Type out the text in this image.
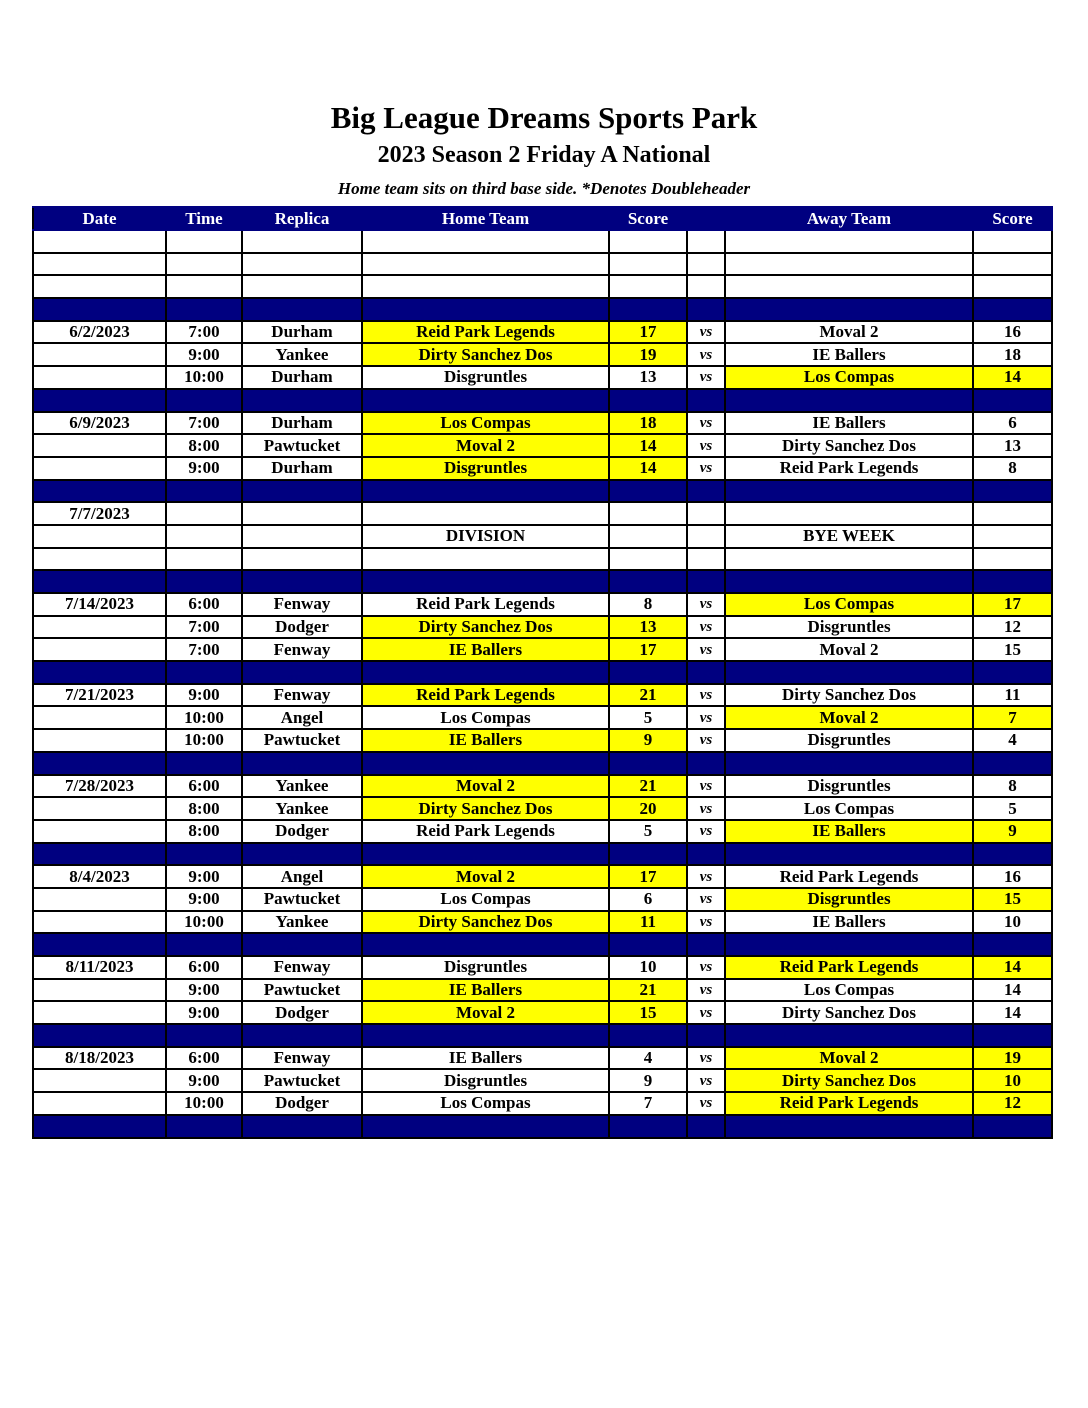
Big League Dreams Sports Park
2023 Season 2 Friday A National
Home team sits on third base side. *Denotes Doubleheader
Date	Time	Replica	Home Team	Score		Away Team	Score

6/2/2023	7:00	Durham	Reid Park Legends	17	vs	Moval 2	16
	9:00	Yankee	Dirty Sanchez Dos	19	vs	IE Ballers	18
	10:00	Durham	Disgruntles	13	vs	Los Compas	14

6/9/2023	7:00	Durham	Los Compas	18	vs	IE Ballers	6
	8:00	Pawtucket	Moval 2	14	vs	Dirty Sanchez Dos	13
	9:00	Durham	Disgruntles	14	vs	Reid Park Legends	8

7/7/2023							
			DIVISION			BYE WEEK	

7/14/2023	6:00	Fenway	Reid Park Legends	8	vs	Los Compas	17
	7:00	Dodger	Dirty Sanchez Dos	13	vs	Disgruntles	12
	7:00	Fenway	IE Ballers	17	vs	Moval 2	15

7/21/2023	9:00	Fenway	Reid Park Legends	21	vs	Dirty Sanchez Dos	11
	10:00	Angel	Los Compas	5	vs	Moval 2	7
	10:00	Pawtucket	IE Ballers	9	vs	Disgruntles	4

7/28/2023	6:00	Yankee	Moval 2	21	vs	Disgruntles	8
	8:00	Yankee	Dirty Sanchez Dos	20	vs	Los Compas	5
	8:00	Dodger	Reid Park Legends	5	vs	IE Ballers	9

8/4/2023	9:00	Angel	Moval 2	17	vs	Reid Park Legends	16
	9:00	Pawtucket	Los Compas	6	vs	Disgruntles	15
	10:00	Yankee	Dirty Sanchez Dos	11	vs	IE Ballers	10

8/11/2023	6:00	Fenway	Disgruntles	10	vs	Reid Park Legends	14
	9:00	Pawtucket	IE Ballers	21	vs	Los Compas	14
	9:00	Dodger	Moval 2	15	vs	Dirty Sanchez Dos	14

8/18/2023	6:00	Fenway	IE Ballers	4	vs	Moval 2	19
	9:00	Pawtucket	Disgruntles	9	vs	Dirty Sanchez Dos	10
	10:00	Dodger	Los Compas	7	vs	Reid Park Legends	12
